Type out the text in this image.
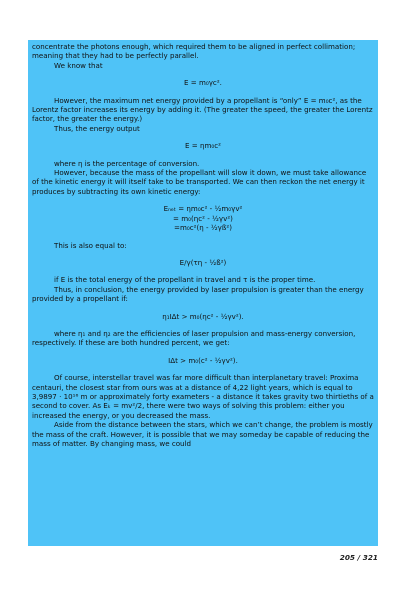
concentrate the photons enough, which required them to be aligned in perfect collimation; meaning that they had to be perfectly parallel.

We know that

E = m₀γc².

However, the maximum net energy provided by a propellant is “only” E = m₀c², as the Lorentz factor increases its energy by adding it. (The greater the speed, the greater the Lorentz factor, the greater the energy.)

Thus, the energy output

E = ηm₀c²

where η is the percentage of conversion.

However, because the mass of the propellant will slow it down, we must take allowance of the kinetic energy it will itself take to be transported. We can then reckon the net energy it produces by subtracting its own kinetic energy:

Eₙₑₜ = ηm₀c² - ½m₀γv²
= m₀(ηc² - ½γv²)
=m₀c²(η - ½γß²)

This is also equal to:

E/γ(τη - ½ß²)

if E is the total energy of the propellant in travel and τ is the proper time.

Thus, in conclusion, the energy provided by laser propulsion is greater than the energy provided by a propellant if:

η₁IΔt > m₀(ηc² - ½γv²).

where η₁ and η₂ are the efficiencies of laser propulsion and mass-energy conversion, respectively. If these are both hundred percent, we get:

IΔt > m₀(c² - ½γv²).

Of course, interstellar travel was far more difficult than interplanetary travel: Proxima centauri, the closest star from ours was at a distance of 4,22 light years, which is equal to 3,9897 · 10¹⁶ m or approximately forty exameters - a distance it takes gravity two thirtieths of a second to cover. As Eₖ = mv²/2, there were two ways of solving this problem: either you increased the energy, or you decreased the mass.

Aside from the distance between the stars, which we can’t change, the problem is mostly the mass of the craft. However, it is possible that we may someday be capable of reducing the mass of matter. By changing mass, we could

205 / 321
